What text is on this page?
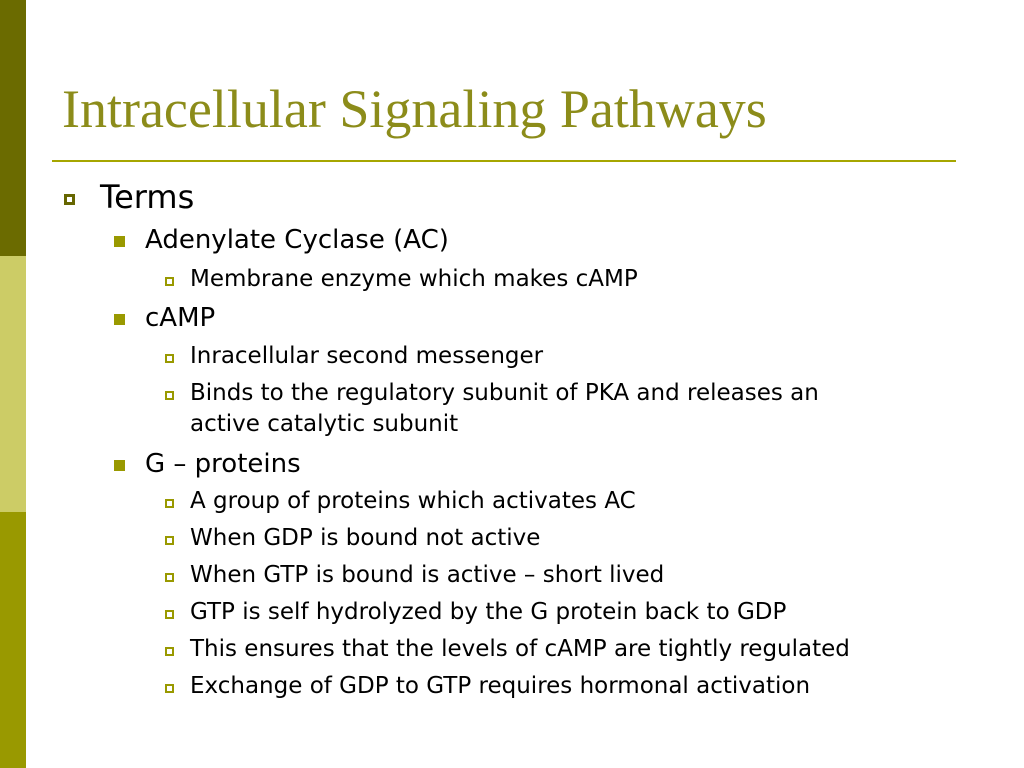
Intracellular Signaling Pathways
Terms
Adenylate Cyclase (AC)
Membrane enzyme which makes cAMP
cAMP
Inracellular second messenger
Binds to the regulatory subunit of PKA and releases an
active catalytic subunit
G – proteins
A group of proteins which activates AC
When GDP is bound not active
When GTP is bound is active – short lived
GTP is self hydrolyzed by the G protein back to GDP
This ensures that the levels of cAMP are tightly regulated
Exchange of GDP to GTP requires hormonal activation
